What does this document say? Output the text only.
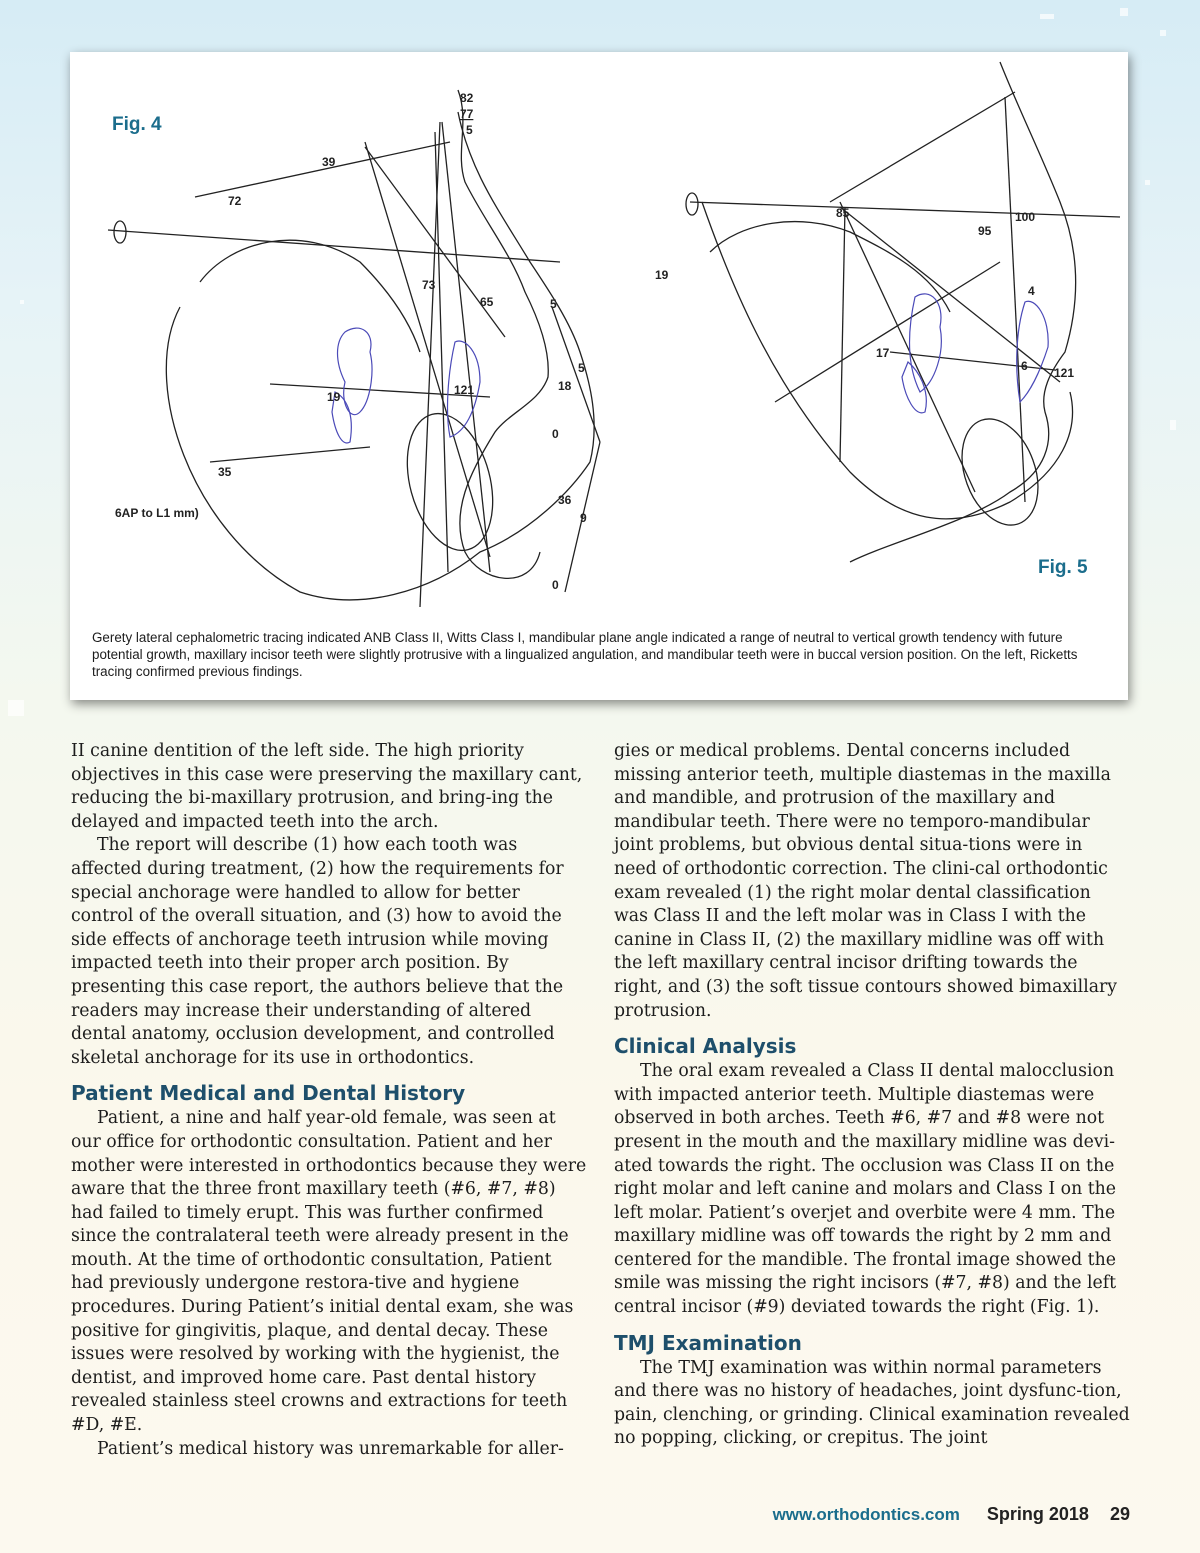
Fig. 4
Fig. 5
82
77
5
39
72
73
65	5
5
18
19	121
0
35
6AP to L1 mm)
36
9
0
85	100
95
19
4
17
6 121
Gerety lateral cephalometric tracing indicated ANB Class II, Witts Class I, mandibular plane angle indicated a range of neutral to vertical growth tendency with future potential growth, maxillary incisor teeth were slightly protrusive with a lingualized angulation, and mandibular teeth were in buccal version position. On the left, Ricketts tracing confirmed previous findings.

II canine dentition of the left side. The high priority objectives in this case were preserving the maxillary cant, reducing the bi-maxillary protrusion, and bring-ing the delayed and impacted teeth into the arch.

The report will describe (1) how each tooth was affected during treatment, (2) how the requirements for special anchorage were handled to allow for better control of the overall situation, and (3) how to avoid the side effects of anchorage teeth intrusion while moving impacted teeth into their proper arch position. By presenting this case report, the authors believe that the readers may increase their understanding of altered dental anatomy, occlusion development, and controlled skeletal anchorage for its use in orthodontics.

Patient Medical and Dental History

Patient, a nine and half year-old female, was seen at our office for orthodontic consultation. Patient and her mother were interested in orthodontics because they were aware that the three front maxillary teeth (#6, #7, #8) had failed to timely erupt. This was further confirmed since the contralateral teeth were already present in the mouth. At the time of orthodontic consultation, Patient had previously undergone restora-tive and hygiene procedures. During Patient’s initial dental exam, she was positive for gingivitis, plaque, and dental decay. These issues were resolved by working with the hygienist, the dentist, and improved home care. Past dental history revealed stainless steel crowns and extractions for teeth #D, #E.

Patient’s medical history was unremarkable for aller-

gies or medical problems. Dental concerns included missing anterior teeth, multiple diastemas in the maxilla and mandible, and protrusion of the maxillary and mandibular teeth. There were no temporo-mandibular joint problems, but obvious dental situa-tions were in need of orthodontic correction. The clini-cal orthodontic exam revealed (1) the right molar dental classification was Class II and the left molar was in Class I with the canine in Class II, (2) the maxillary midline was off with the left maxillary central incisor drifting towards the right, and (3) the soft tissue contours showed bimaxillary protrusion.

Clinical Analysis

The oral exam revealed a Class II dental malocclusion with impacted anterior teeth. Multiple diastemas were observed in both arches. Teeth #6, #7 and #8 were not present in the mouth and the maxillary midline was devi-ated towards the right. The occlusion was Class II on the right molar and left canine and molars and Class I on the left molar. Patient’s overjet and overbite were 4 mm. The maxillary midline was off towards the right by 2 mm and centered for the mandible. The frontal image showed the smile was missing the right incisors (#7, #8) and the left central incisor (#9) deviated towards the right (Fig. 1).

TMJ Examination

The TMJ examination was within normal parameters and there was no history of headaches, joint dysfunc-tion, pain, clenching, or grinding. Clinical examination revealed no popping, clicking, or crepitus. The joint

www.orthodontics.com Spring 2018 29
